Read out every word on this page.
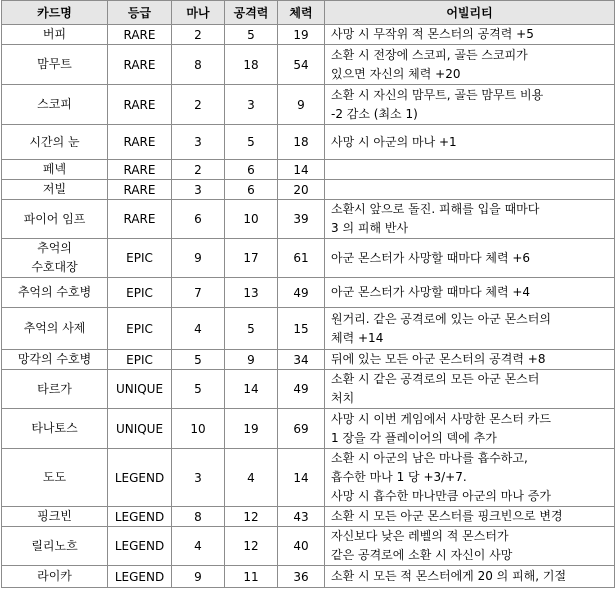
카드명	등급	마나	공격력	체력	어빌리티

버피	RARE	2	5	19	사망 시 무작위 적 몬스터의 공격력 +5

맘무트	RARE	8	18	54	소환 시 전장에 스코피, 골든 스코피가
있으면 자신의 체력 +20

스코피	RARE	2	3	9	소환 시 자신의 맘무트, 골든 맘무트 비용
-2 감소 (최소 1)

시간의 눈	RARE	3	5	18	사망 시 아군의 마나 +1

페넥	RARE	2	6	14	

저빌	RARE	3	6	20	

파이어 임프	RARE	6	10	39	소환시 앞으로 돌진. 피해를 입을 때마다
3 의 피해 반사

추억의
수호대장	EPIC	9	17	61	아군 몬스터가 사망할 때마다 체력 +6

추억의 수호병	EPIC	7	13	49	아군 몬스터가 사망할 때마다 체력 +4

추억의 사제	EPIC	4	5	15	원거리. 같은 공격로에 있는 아군 몬스터의
체력 +14

망각의 수호병	EPIC	5	9	34	뒤에 있는 모든 아군 몬스터의 공격력 +8

타르가	UNIQUE	5	14	49	소환 시 같은 공격로의 모든 아군 몬스터
처치

타나토스	UNIQUE	10	19	69	사망 시 이번 게임에서 사망한 몬스터 카드
1 장을 각 플레이어의 덱에 추가

도도	LEGEND	3	4	14	소환 시 아군의 남은 마나를 흡수하고,
흡수한 마나 1 당 +3/+7.
사망 시 흡수한 마나만큼 아군의 마나 증가

핑크빈	LEGEND	8	12	43	소환 시 모든 아군 몬스터를 핑크빈으로 변경

릴리노흐	LEGEND	4	12	40	자신보다 낮은 레벨의 적 몬스터가
같은 공격로에 소환 시 자신이 사망

라이카	LEGEND	9	11	36	소환 시 모든 적 몬스터에게 20 의 피해, 기절
